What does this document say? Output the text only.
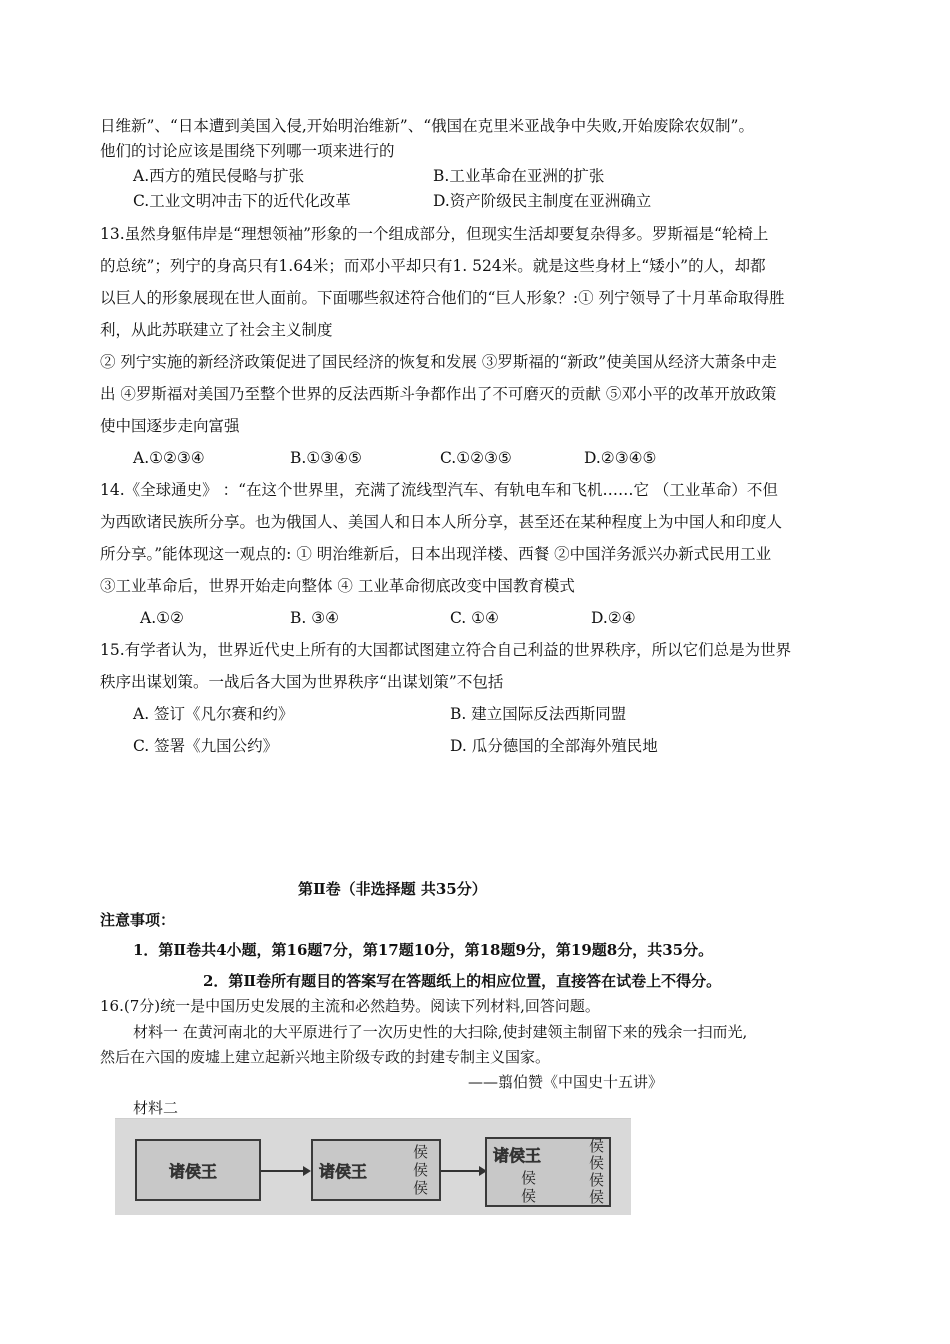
日维新”、“日本遭到美国入侵,开始明治维新”、“俄国在克里米亚战争中失败,开始废除农奴制”。
他们的讨论应该是围绕下列哪一项来进行的
A.西方的殖民侵略与扩张	B.工业革命在亚洲的扩张
C.工业文明冲击下的近代化改革	D.资产阶级民主制度在亚洲确立
13.虽然身躯伟岸是“理想领袖”形象的一个组成部分，但现实生活却要复杂得多。罗斯福是“轮椅上
的总统”；列宁的身高只有1.64米；而邓小平却只有1. 524米。就是这些身材上“矮小”的人，却都
以巨人的形象展现在世人面前。下面哪些叙述符合他们的“巨人形象？:① 列宁领导了十月革命取得胜
利，从此苏联建立了社会主义制度
② 列宁实施的新经济政策促进了国民经济的恢复和发展 ③罗斯福的“新政”使美国从经济大萧条中走
出 ④罗斯福对美国乃至整个世界的反法西斯斗争都作出了不可磨灭的贡献 ⑤邓小平的改革开放政策
使中国逐步走向富强
A.①②③④	B.①③④⑤	C.①②③⑤	D.②③④⑤
14.《全球通史》 ：“在这个世界里，充满了流线型汽车、有轨电车和飞机……它 （工业革命）不但
为西欧诸民族所分享。也为俄国人、美国人和日本人所分享，甚至还在某种程度上为中国人和印度人
所分享。”能体现这一观点的: ① 明治维新后，日本出现洋楼、西餐 ②中国洋务派兴办新式民用工业
③工业革命后，世界开始走向整体 ④ 工业革命彻底改变中国教育模式
A.①②	B. ③④	C. ①④	D.②④
15.有学者认为，世界近代史上所有的大国都试图建立符合自己利益的世界秩序，所以它们总是为世界
秩序出谋划策。一战后各大国为世界秩序“出谋划策”不包括
A. 签订《凡尔赛和约》	B. 建立国际反法西斯同盟
C. 签署《九国公约》	D. 瓜分德国的全部海外殖民地
第Ⅱ卷（非选择题 共35分）
注意事项：
1．第Ⅱ卷共4小题，第16题7分，第17题10分，第18题9分，第19题8分，共35分。
2．第Ⅱ卷所有题目的答案写在答题纸上的相应位置，直接答在试卷上不得分。
16.(7分)统一是中国历史发展的主流和必然趋势。阅读下列材料,回答问题。
材料一 在黄河南北的大平原进行了一次历史性的大扫除,使封建领主制留下来的残余一扫而光,
然后在六国的废墟上建立起新兴地主阶级专政的封建专制主义国家。
——翦伯赞《中国史十五讲》
材料二
诸侯王	诸侯王
侯
侯
侯
诸侯王
侯
侯
侯
侯
侯
侯
